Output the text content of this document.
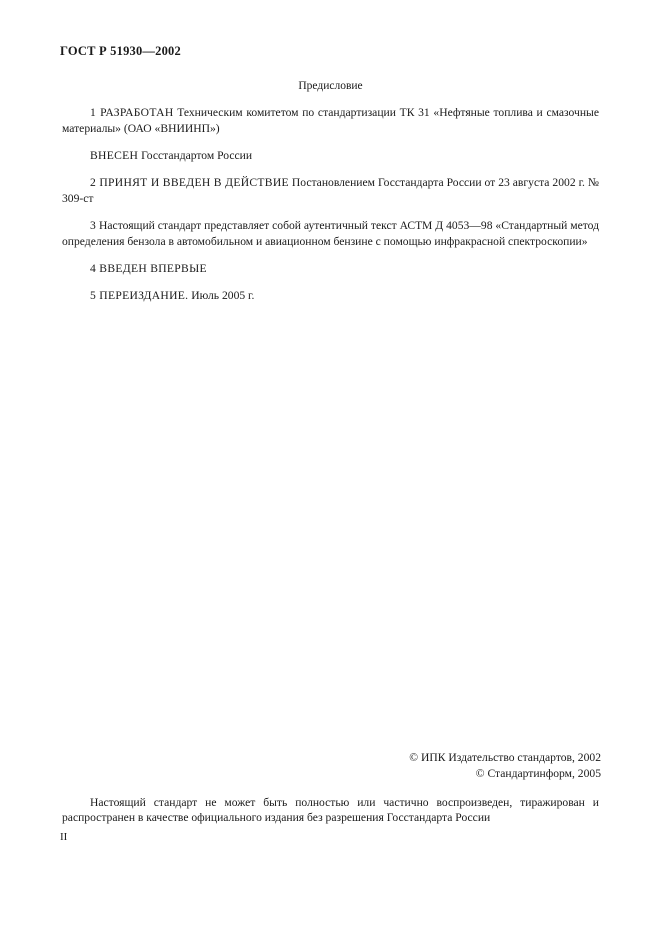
ГОСТ Р 51930—2002
Предисловие

1 РАЗРАБОТАН Техническим комитетом по стандартизации ТК 31 «Нефтяные топлива и смазочные материалы» (ОАО «ВНИИНП»)

ВНЕСЕН Госстандартом России

2 ПРИНЯТ И ВВЕДЕН В ДЕЙСТВИЕ Постановлением Госстандарта России от 23 августа 2002 г. № 309-ст

3 Настоящий стандарт представляет собой аутентичный текст АСТМ Д 4053—98 «Стандартный метод определения бензола в автомобильном и авиационном бензине с помощью инфракрасной спектроскопии»

4 ВВЕДЕН ВПЕРВЫЕ

5 ПЕРЕИЗДАНИЕ. Июль 2005 г.

© ИПК Издательство стандартов, 2002
© Стандартинформ, 2005

Настоящий стандарт не может быть полностью или частично воспроизведен, тиражирован и распространен в качестве официального издания без разрешения Госстандарта России

II
